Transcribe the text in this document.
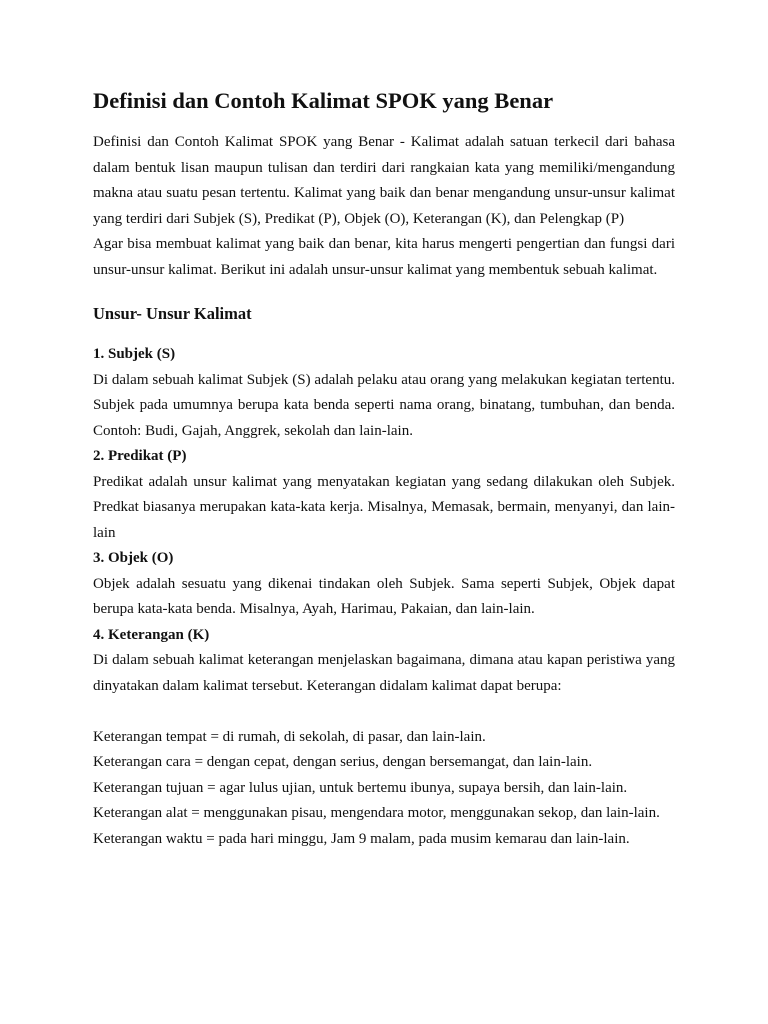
Definisi dan Contoh Kalimat SPOK yang Benar

Definisi dan Contoh Kalimat SPOK yang Benar - Kalimat adalah satuan terkecil dari bahasa dalam bentuk lisan maupun tulisan dan terdiri dari rangkaian kata yang memiliki/mengandung makna atau suatu pesan tertentu. Kalimat yang baik dan benar mengandung unsur-unsur kalimat yang terdiri dari Subjek (S), Predikat (P), Objek (O), Keterangan (K), dan Pelengkap (P)

Agar bisa membuat kalimat yang baik dan benar, kita harus mengerti pengertian dan fungsi dari unsur-unsur kalimat. Berikut ini adalah unsur-unsur kalimat yang membentuk sebuah kalimat.

Unsur- Unsur Kalimat

1. Subjek (S)

Di dalam sebuah kalimat Subjek (S) adalah pelaku atau orang yang melakukan kegiatan tertentu. Subjek pada umumnya berupa kata benda seperti nama orang, binatang, tumbuhan, dan benda. Contoh: Budi, Gajah, Anggrek, sekolah dan lain-lain.

2. Predikat (P)

Predikat adalah unsur kalimat yang menyatakan kegiatan yang sedang dilakukan oleh Subjek. Predkat biasanya merupakan kata-kata kerja. Misalnya, Memasak, bermain, menyanyi, dan lain-lain

3. Objek (O)

Objek adalah sesuatu yang dikenai tindakan oleh Subjek. Sama seperti Subjek, Objek dapat berupa kata-kata benda. Misalnya, Ayah, Harimau, Pakaian, dan lain-lain.

4. Keterangan (K)

Di dalam sebuah kalimat keterangan menjelaskan bagaimana, dimana atau kapan peristiwa yang dinyatakan dalam kalimat tersebut. Keterangan didalam kalimat dapat berupa:

Keterangan tempat = di rumah, di sekolah, di pasar, dan lain-lain.

Keterangan cara = dengan cepat, dengan serius, dengan bersemangat, dan lain-lain.

Keterangan tujuan = agar lulus ujian, untuk bertemu ibunya, supaya bersih, dan lain-lain.

Keterangan alat = menggunakan pisau, mengendara motor, menggunakan sekop, dan lain-lain.

Keterangan waktu = pada hari minggu, Jam 9 malam, pada musim kemarau dan lain-lain.
